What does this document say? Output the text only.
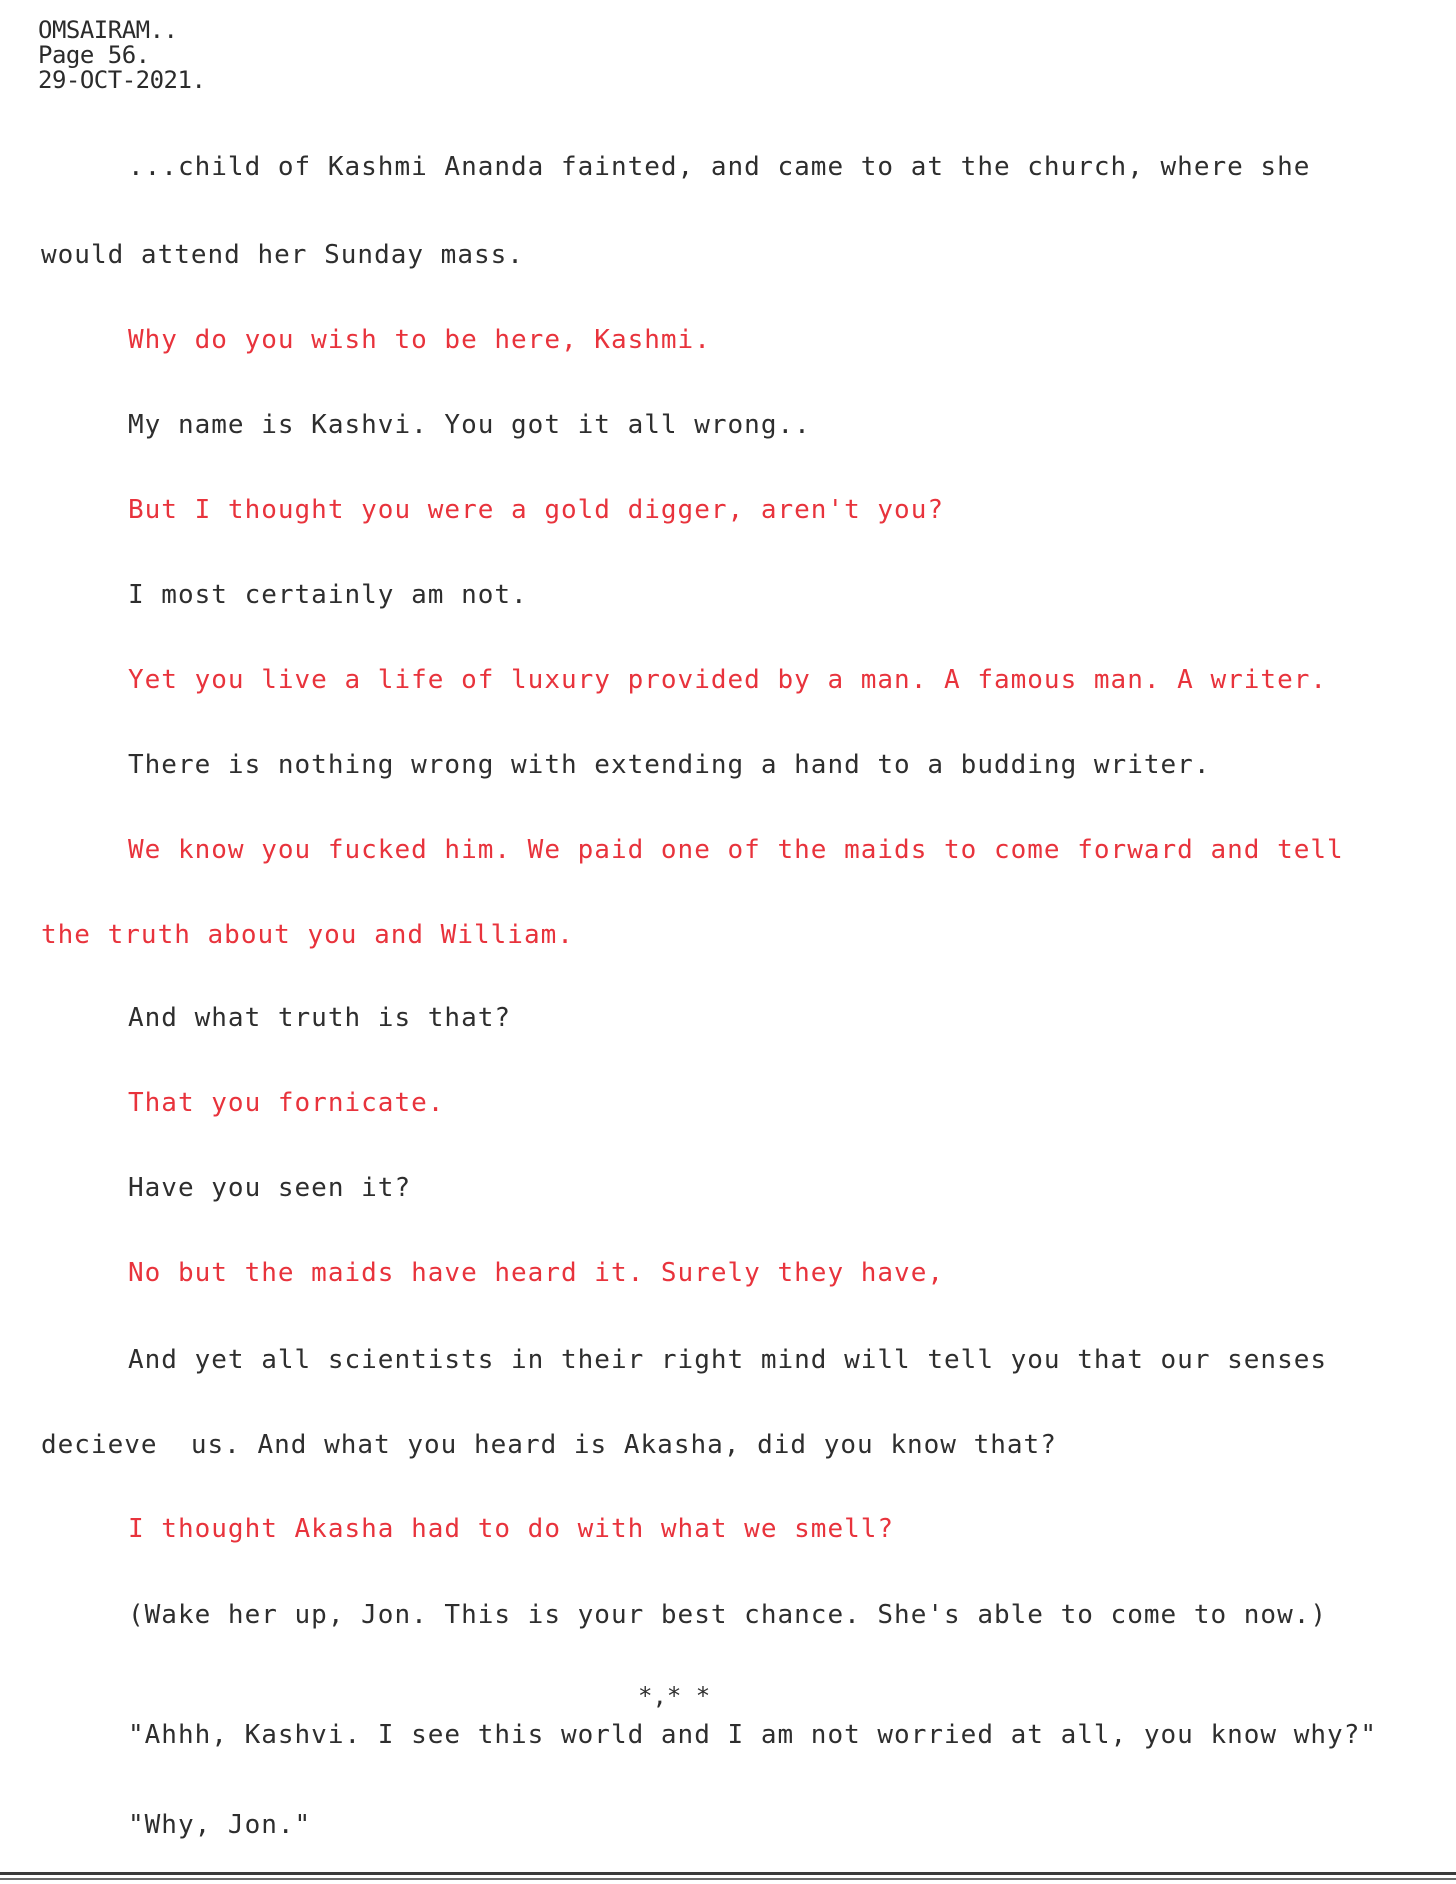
OMSAIRAM..
Page 56.
29-OCT-2021.
...child of Kashmi Ananda fainted, and came to at the church, where she
would attend her Sunday mass.
Why do you wish to be here, Kashmi.
My name is Kashvi. You got it all wrong..
But I thought you were a gold digger, aren't you?
I most certainly am not.
Yet you live a life of luxury provided by a man. A famous man. A writer.
There is nothing wrong with extending a hand to a budding writer.
We know you fucked him. We paid one of the maids to come forward and tell
the truth about you and William.
And what truth is that?
That you fornicate.
Have you seen it?
No but the maids have heard it. Surely they have,
And yet all scientists in their right mind will tell you that our senses
decieve  us. And what you heard is Akasha, did you know that?
I thought Akasha had to do with what we smell?
(Wake her up, Jon. This is your best chance. She's able to come to now.)
*,* *
"Ahhh, Kashvi. I see this world and I am not worried at all, you know why?"
"Why, Jon."
